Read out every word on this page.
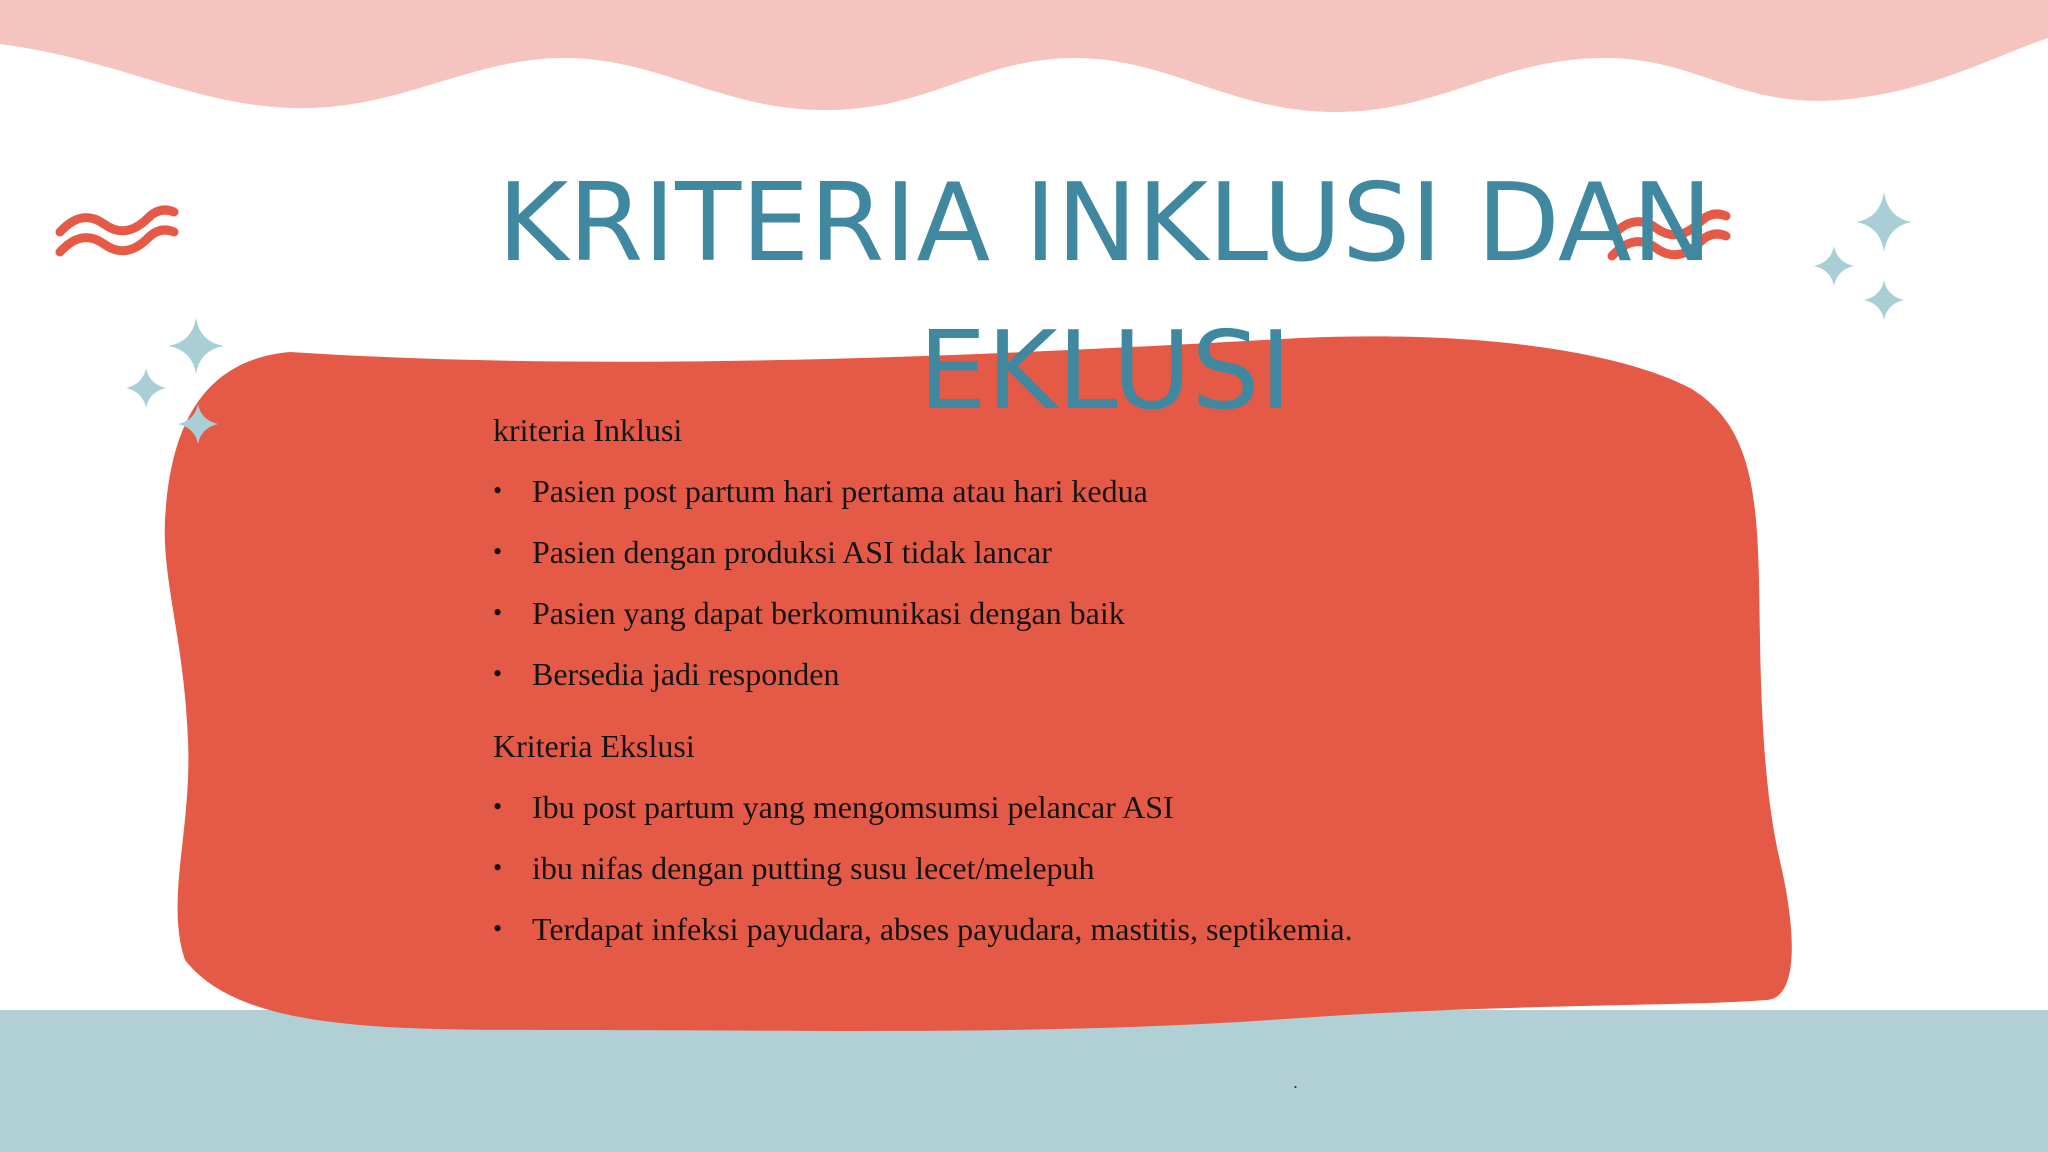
KRITERIA INKLUSI DAN EKLUSI

kriteria Inklusi

• Pasien post partum hari pertama atau hari kedua
• Pasien dengan produksi ASI tidak lancar
• Pasien yang dapat berkomunikasi dengan baik
• Bersedia jadi responden

Kriteria Ekslusi

• Ibu post partum yang mengomsumsi pelancar ASI
• ibu nifas dengan putting susu lecet/melepuh
• Terdapat infeksi payudara, abses payudara, mastitis, septikemia.
.
